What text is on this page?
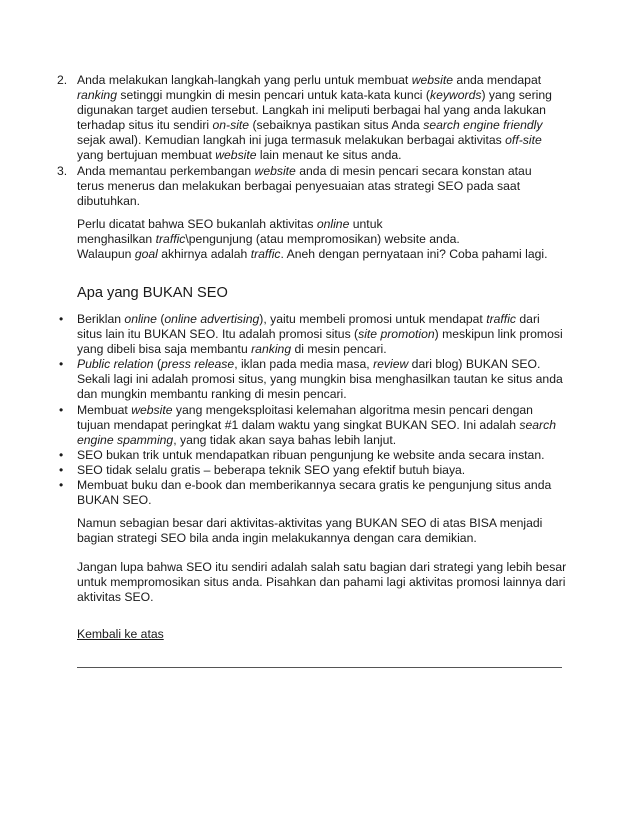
2. Anda melakukan langkah-langkah yang perlu untuk membuat website anda mendapat ranking setinggi mungkin di mesin pencari untuk kata-kata kunci (keywords) yang sering digunakan target audien tersebut. Langkah ini meliputi berbagai hal yang anda lakukan terhadap situs itu sendiri on-site (sebaiknya pastikan situs Anda search engine friendly sejak awal). Kemudian langkah ini juga termasuk melakukan berbagai aktivitas off-site yang bertujuan membuat website lain menaut ke situs anda.
3. Anda memantau perkembangan website anda di mesin pencari secara konstan atau terus menerus dan melakukan berbagai penyesuaian atas strategi SEO pada saat dibutuhkan.
Perlu dicatat bahwa SEO bukanlah aktivitas online untuk
menghasilkan traffic\pengunjung (atau mempromosikan) website anda.
Walaupun goal akhirnya adalah traffic. Aneh dengan pernyataan ini? Coba pahami lagi.
Apa yang BUKAN SEO
• Beriklan online (online advertising), yaitu membeli promosi untuk mendapat traffic dari situs lain itu BUKAN SEO. Itu adalah promosi situs (site promotion) meskipun link promosi yang dibeli bisa saja membantu ranking di mesin pencari.
• Public relation (press release, iklan pada media masa, review dari blog) BUKAN SEO. Sekali lagi ini adalah promosi situs, yang mungkin bisa menghasilkan tautan ke situs anda dan mungkin membantu ranking di mesin pencari.
• Membuat website yang mengeksploitasi kelemahan algoritma mesin pencari dengan tujuan mendapat peringkat #1 dalam waktu yang singkat BUKAN SEO. Ini adalah search engine spamming, yang tidak akan saya bahas lebih lanjut.
• SEO bukan trik untuk mendapatkan ribuan pengunjung ke website anda secara instan.
• SEO tidak selalu gratis – beberapa teknik SEO yang efektif butuh biaya.
• Membuat buku dan e-book dan memberikannya secara gratis ke pengunjung situs anda BUKAN SEO.

Namun sebagian besar dari aktivitas-aktivitas yang BUKAN SEO di atas BISA menjadi bagian strategi SEO bila anda ingin melakukannya dengan cara demikian.

Jangan lupa bahwa SEO itu sendiri adalah salah satu bagian dari strategi yang lebih besar untuk mempromosikan situs anda. Pisahkan dan pahami lagi aktivitas promosi lainnya dari aktivitas SEO.

Kembali ke atas
